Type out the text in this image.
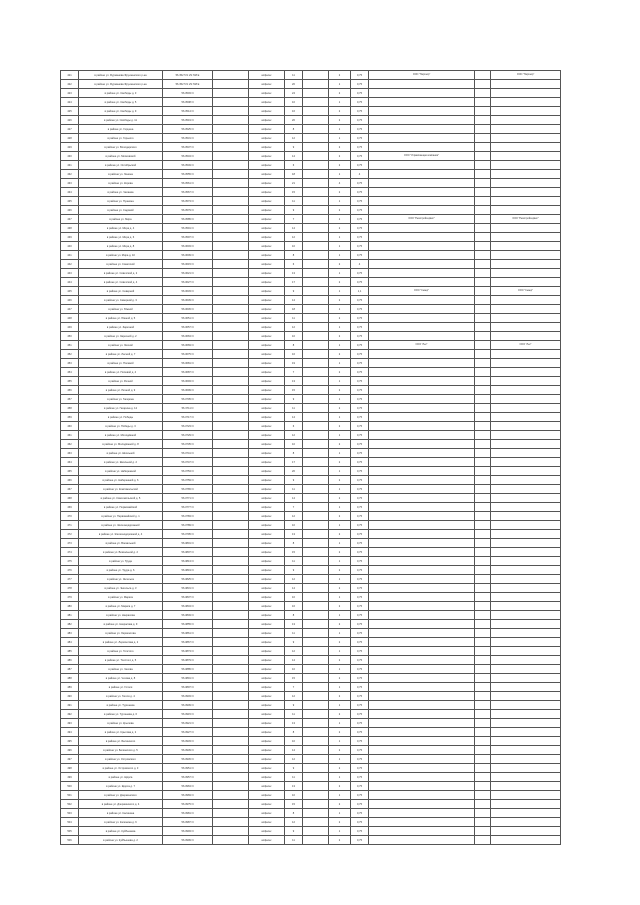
421	в районе ул. Фурманова Фрунзенского р-на	56.352 5 N 29.748 E		асфальт	11		2	0,75	ООО "Партнёр"		ООО "Партнёр"
422	в районе ул. Фурманова Фрунзенского р-на	56.352 5 N 29.748 E		асфальт	20		1	0,75			
423	в районе ул. Свободы д. 3	56.3503 N		асфальт	24		2	0,75			
424	в районе ул. Свободы д. 5	56.3508 N		асфальт	10		1	0,75			
425	в районе ул. Свободы д. 9	56.3514 N		асфальт	16		2	0,75			
426	в районе ул. Свободы д. 11	56.3519 N		асфальт	20		2	0,75			
427	в районе ул. Герцена	56.3525 N		асфальт	8		1	0,75			
428	в районе ул. Горького	56.3531 N		асфальт	12		1	0,75			
429	в районе ул. Володарского	56.3537 N		асфальт	9		2	0,75			
430	в районе ул. Московской	56.3543 N		асфальт	14		2	0,75	ООО "Управляющая компания"		
431	в районе ул. Октябрьской	56.3549 N		асфальт	6		2	0,75			
432	в районе ул. Ленина	56.3555 N		асфальт	18		1	4			
433	в районе ул. Кирова	56.3561 N		асфальт	21		4	0,75			
434	в районе ул. Чапаева	56.3567 N		асфальт	15		2	0,75			
435	в районе ул. Пушкина	56.3573 N		асфальт	11		1	0,75			
436	в районе ул. Садовой	56.3579 N		асфальт	9		2	0,75			
437	в районе ул. Мира	56.3585 N		асфальт	7		1	0,75	ООО "Ремстройсервис"		ООО "Ремстройсервис"
438	в районе ул. Мира д. 4	56.3591 N		асфальт	14		2	0,75			
439	в районе ул. Мира д. 6	56.3597 N		асфальт	12		1	0,75			
440	в районе ул. Мира д. 8	56.3603 N		асфальт	10		1	0,75			
441	в районе ул. Мира д. 10	56.3609 N		асфальт	8		1	0,75			
442	в районе ул. Советской	56.3615 N		асфальт	6		2	4			
443	в районе ул. Советской д. 2	56.3621 N		асфальт	13		1	0,75			
444	в районе ул. Советской д. 4	56.3627 N		асфальт	17		2	0,75			
445	в районе ул. Северной	56.3633 N		асфальт	9		1	1,1	ООО "Север"		ООО "Север"
446	в районе ул. Северной д. 3	56.3639 N		асфальт	14		2	0,75			
447	в районе ул. Южной	56.3645 N		асфальт	18		1	0,75			
448	в районе ул. Южной д. 5	56.3651 N		асфальт	11		2	0,75			
449	в районе ул. Заречной	56.3657 N		асфальт	12		1	0,75			
450	в районе ул. Заречной д. 2	56.3663 N		асфальт	10		2	0,75			
451	в районе ул. Лесной	56.3669 N		асфальт	8		1	0,75	ООО "Лес"		ООО "Лес"
452	в районе ул. Лесной д. 7	56.3675 N		асфальт	16		2	0,75			
453	в районе ул. Полевой	56.3681 N		асфальт	19		1	0,75			
454	в районе ул. Полевой д. 4	56.3687 N		асфальт	7		2	0,75			
455	в районе ул. Речной	56.3693 N		асфальт	13		1	0,75			
456	в районе ул. Речной д. 9	56.3699 N		асфальт	15		2	0,75			
457	в районе ул. Гагарина	56.3705 N		асфальт	9		1	0,75			
458	в районе ул. Гагарина д. 12	56.3711 N		асфальт	11		2	0,75			
459	в районе ул. Победы	56.3717 N		асфальт	14		1	0,75			
460	в районе ул. Победы д. 3	56.3723 N		асфальт	6		2	0,75			
461	в районе ул. Молодёжной	56.3729 N		асфальт	12		1	0,75			
462	в районе ул. Молодёжной д. 8	56.3735 N		асфальт	10		2	0,75			
463	в районе ул. Школьной	56.3741 N		асфальт	8		1	0,75			
464	в районе ул. Школьной д. 2	56.3747 N		асфальт	17		2	0,75			
465	в районе ул. Набережной	56.3753 N		асфальт	20		1	0,75			
466	в районе ул. Набережной д. 6	56.3759 N		асфальт	9		2	0,75			
467	в районе ул. Комсомольской	56.3765 N		асфальт	11		1	0,75			
468	в районе ул. Комсомольской д. 5	56.3771 N		асфальт	14		2	0,75			
469	в районе ул. Первомайской	56.3777 N		асфальт	7		1	0,75			
470	в районе ул. Первомайской д. 1	56.3783 N		асфальт	12		2	0,75			
471	в районе ул. Железнодорожной	56.3789 N		асфальт	10		1	0,75			
472	в районе ул. Железнодорожной д. 4	56.3795 N		асфальт	13		2	0,75			
473	в районе ул. Вокзальной	56.3801 N		асфальт	8		1	0,75			
474	в районе ул. Вокзальной д. 2	56.3807 N		асфальт	15		2	0,75			
475	в районе ул. Труда	56.3813 N		асфальт	11		1	0,75			
476	в районе ул. Труда д. 6	56.3819 N		асфальт	9		2	0,75			
477	в районе ул. Энгельса	56.3825 N		асфальт	12		1	0,75			
478	в районе ул. Энгельса д. 3	56.3831 N		асфальт	14		2	0,75			
479	в районе ул. Маркса	56.3837 N		асфальт	10		1	0,75			
480	в районе ул. Маркса д. 7	56.3843 N		асфальт	16		2	0,75			
481	в районе ул. Некрасова	56.3849 N		асфальт	8		1	0,75			
482	в районе ул. Некрасова д. 9	56.3855 N		асфальт	13		2	0,75			
483	в районе ул. Лермонтова	56.3861 N		асфальт	11		1	0,75			
484	в районе ул. Лермонтова д. 2	56.3867 N		асфальт	9		2	0,75			
485	в районе ул. Толстого	56.3873 N		асфальт	12		1	0,75			
486	в районе ул. Толстого д. 5	56.3879 N		асфальт	14		2	0,75			
487	в районе ул. Чехова	56.3885 N		асфальт	10		1	0,75			
488	в районе ул. Чехова д. 8	56.3891 N		асфальт	15		2	0,75			
489	в районе ул. Гоголя	56.3897 N		асфальт	7		1	0,75			
490	в районе ул. Гоголя д. 4	56.3903 N		асфальт	12		2	0,75			
491	в районе ул. Тургенева	56.3909 N		асфальт	9		1	0,75			
492	в районе ул. Тургенева д. 6	56.3915 N		асфальт	11		2	0,75			
493	в районе ул. Крылова	56.3921 N		асфальт	13		1	0,75			
494	в районе ул. Крылова д. 2	56.3927 N		асфальт	8		2	0,75			
495	в районе ул. Белинского	56.3933 N		асфальт	10		1	0,75			
496	в районе ул. Белинского д. 5	56.3939 N		асфальт	14		2	0,75			
497	в районе ул. Островского	56.3945 N		асфальт	12		1	0,75			
498	в районе ул. Островского д. 3	56.3951 N		асфальт	9		2	0,75			
499	в районе ул. Щорса	56.3957 N		асфальт	11		1	0,75			
500	в районе ул. Щорса д. 7	56.3963 N		асфальт	13		2	0,75			
501	в районе ул. Дзержинского	56.3969 N		асфальт	10		1	0,75			
502	в районе ул. Дзержинского д. 4	56.3975 N		асфальт	15		2	0,75			
503	в районе ул. Калинина	56.3981 N		асфальт	8		1	0,75			
504	в районе ул. Калинина д. 6	56.3987 N		асфальт	12		2	0,75			
505	в районе ул. Куйбышева	56.3993 N		асфальт	9		1	0,75			
506	в районе ул. Куйбышева д. 2	56.3999 N		асфальт	11		2	0,75			
